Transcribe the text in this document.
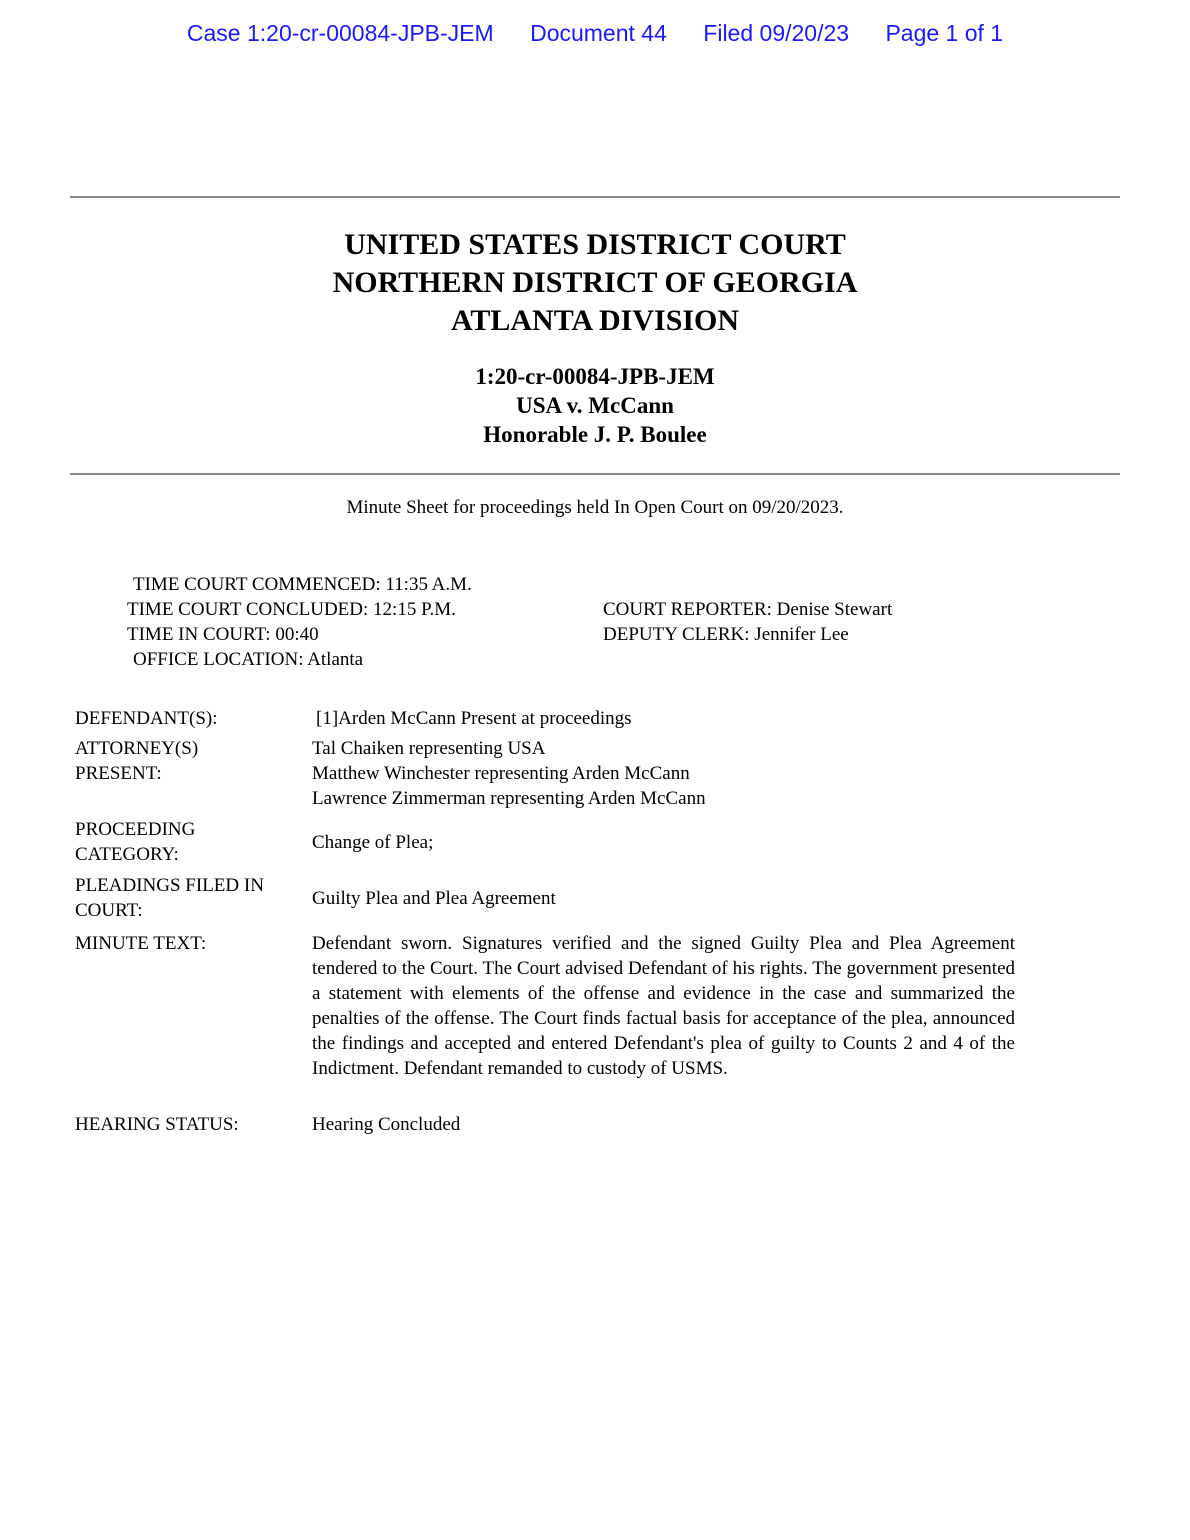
Case 1:20-cr-00084-JPB-JEM Document 44 Filed 09/20/23 Page 1 of 1
UNITED STATES DISTRICT COURT
NORTHERN DISTRICT OF GEORGIA
ATLANTA DIVISION
1:20-cr-00084-JPB-JEM
USA v. McCann
Honorable J. P. Boulee
Minute Sheet for proceedings held In Open Court on 09/20/2023.
TIME COURT COMMENCED: 11:35 A.M.
TIME COURT CONCLUDED: 12:15 P.M.
TIME IN COURT: 00:40
OFFICE LOCATION: Atlanta
COURT REPORTER: Denise Stewart
DEPUTY CLERK: Jennifer Lee
DEFENDANT(S):	[1]Arden McCann Present at proceedings
ATTORNEY(S)
PRESENT:
Tal Chaiken representing USA
Matthew Winchester representing Arden McCann
Lawrence Zimmerman representing Arden McCann
PROCEEDING
CATEGORY:
Change of Plea;
PLEADINGS FILED IN
COURT:
Guilty Plea and Plea Agreement
MINUTE TEXT:	Defendant sworn. Signatures verified and the signed Guilty Plea and Plea Agreement tendered to the Court. The Court advised Defendant of his rights. The government presented a statement with elements of the offense and evidence in the case and summarized the penalties of the offense. The Court finds factual basis for acceptance of the plea, announced the findings and accepted and entered Defendant's plea of guilty to Counts 2 and 4 of the Indictment. Defendant remanded to custody of USMS.
HEARING STATUS:	Hearing Concluded
